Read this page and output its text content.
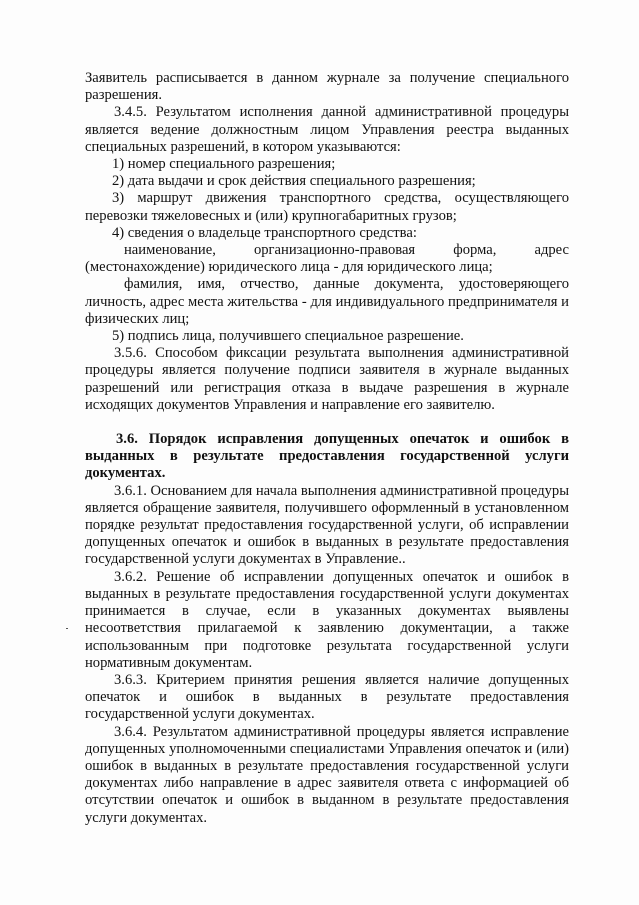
Заявитель расписывается в данном журнале за получение специального разрешения.

3.4.5. Результатом исполнения данной административной процедуры является ведение должностным лицом Управления реестра выданных специальных разрешений, в котором указываются:

1) номер специального разрешения;

2) дата выдачи и срок действия специального разрешения;

3) маршрут движения транспортного средства, осуществляющего перевозки тяжеловесных и (или) крупногабаритных грузов;

4) сведения о владельце транспортного средства:

наименование, организационно-правовая форма, адрес (местонахождение) юридического лица - для юридического лица;

фамилия, имя, отчество, данные документа, удостоверяющего личность, адрес места жительства - для индивидуального предпринимателя и физических лиц;

5) подпись лица, получившего специальное разрешение.

3.5.6. Способом фиксации результата выполнения административной процедуры является получение подписи заявителя в журнале выданных разрешений или регистрация отказа в выдаче разрешения в журнале исходящих документов Управления и направление его заявителю.

3.6. Порядок исправления допущенных опечаток и ошибок в выданных в результате предоставления государственной услуги документах.

3.6.1. Основанием для начала выполнения административной процедуры является обращение заявителя, получившего оформленный в установленном порядке результат предоставления государственной услуги, об исправлении допущенных опечаток и ошибок в выданных в результате предоставления государственной услуги документах в Управление..

3.6.2. Решение об исправлении допущенных опечаток и ошибок в выданных в результате предоставления государственной услуги документах принимается в случае, если в указанных документах выявлены несоответствия прилагаемой к заявлению документации, а также использованным при подготовке результата государственной услуги нормативным документам.

3.6.3. Критерием принятия решения является наличие допущенных опечаток и ошибок в выданных в результате предоставления государственной услуги документах.

3.6.4. Результатом административной процедуры является исправление допущенных уполномоченными специалистами Управления опечаток и (или) ошибок в выданных в результате предоставления государственной услуги документах либо направление в адрес заявителя ответа с информацией об отсутствии опечаток и ошибок в выданном в результате предоставления услуги документах.
